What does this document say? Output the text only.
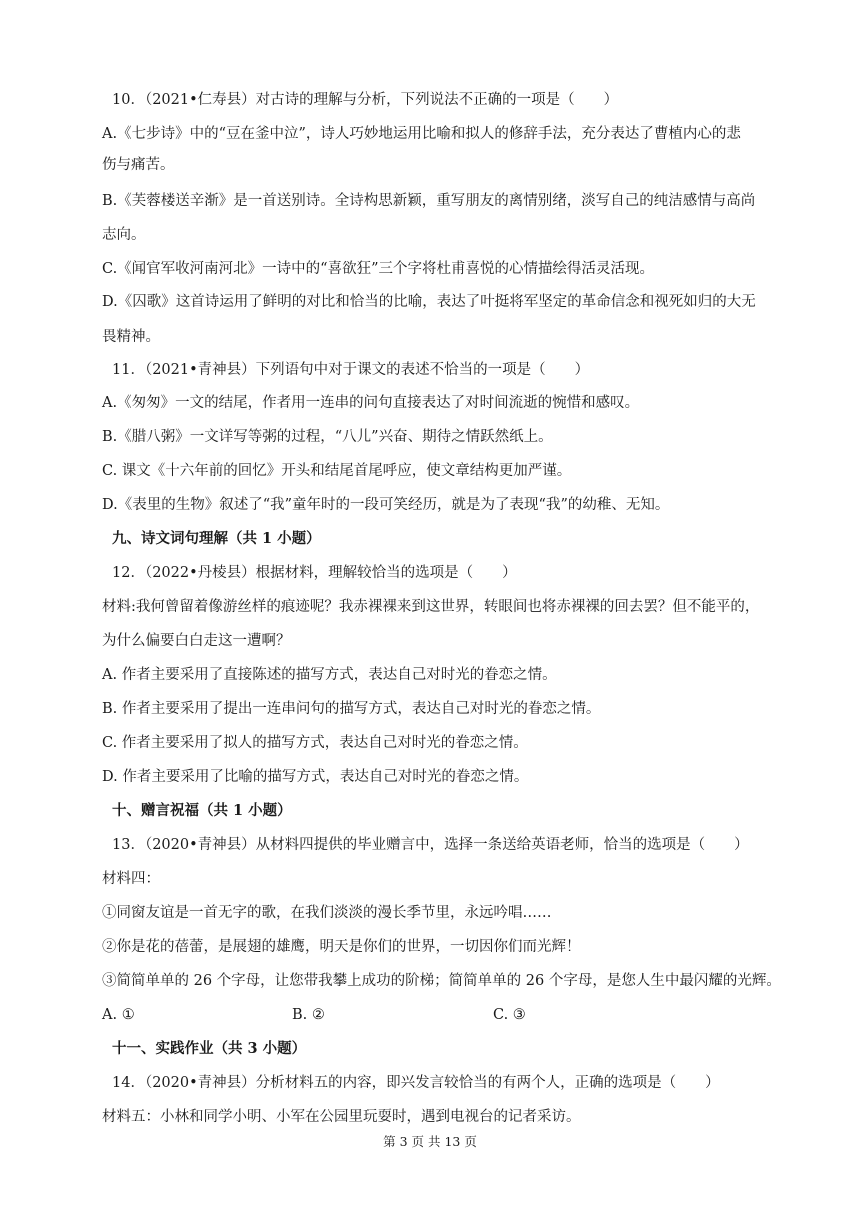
10．（2021•仁寿县）对古诗的理解与分析，下列说法不正确的一项是（　　）
A.《七步诗》中的“豆在釜中泣”，诗人巧妙地运用比喻和拟人的修辞手法，充分表达了曹植内心的悲
伤与痛苦。
B.《芙蓉楼送辛渐》是一首送别诗。全诗构思新颖，重写朋友的离情别绪，淡写自己的纯洁感情与高尚
志向。
C.《闻官军收河南河北》一诗中的“喜欲狂”三个字将杜甫喜悦的心情描绘得活灵活现。
D.《囚歌》这首诗运用了鲜明的对比和恰当的比喻，表达了叶挺将军坚定的革命信念和视死如归的大无
畏精神。
11．（2021•青神县）下列语句中对于课文的表述不恰当的一项是（　　）
A.《匆匆》一文的结尾，作者用一连串的问句直接表达了对时间流逝的惋惜和感叹。
B.《腊八粥》一文详写等粥的过程，“八儿”兴奋、期待之情跃然纸上。
C. 课文《十六年前的回忆》开头和结尾首尾呼应，使文章结构更加严谨。
D.《表里的生物》叙述了“我”童年时的一段可笑经历，就是为了表现“我”的幼稚、无知。
九、诗文词句理解（共 1 小题）
12．（2022•丹棱县）根据材料，理解较恰当的选项是（　　）
材料:我何曾留着像游丝样的痕迹呢？我赤裸裸来到这世界，转眼间也将赤裸裸的回去罢？但不能平的，
为什么偏要白白走这一遭啊？
A. 作者主要采用了直接陈述的描写方式，表达自己对时光的眷恋之情。
B. 作者主要采用了提出一连串问句的描写方式，表达自己对时光的眷恋之情。
C. 作者主要采用了拟人的描写方式，表达自己对时光的眷恋之情。
D. 作者主要采用了比喻的描写方式，表达自己对时光的眷恋之情。
十、赠言祝福（共 1 小题）
13．（2020•青神县）从材料四提供的毕业赠言中，选择一条送给英语老师，恰当的选项是（　　）
材料四：
①同窗友谊是一首无字的歌，在我们淡淡的漫长季节里，永远吟唱……
②你是花的蓓蕾，是展翅的雄鹰，明天是你们的世界，一切因你们而光辉！
③简简单单的 26 个字母，让您带我攀上成功的阶梯；简简单单的 26 个字母，是您人生中最闪耀的光辉。
A. ①	B. ②	C. ③
十一、实践作业（共 3 小题）
14．（2020•青神县）分析材料五的内容，即兴发言较恰当的有两个人，正确的选项是（　　）
材料五：小林和同学小明、小军在公园里玩耍时，遇到电视台的记者采访。
第 3 页 共 13 页
